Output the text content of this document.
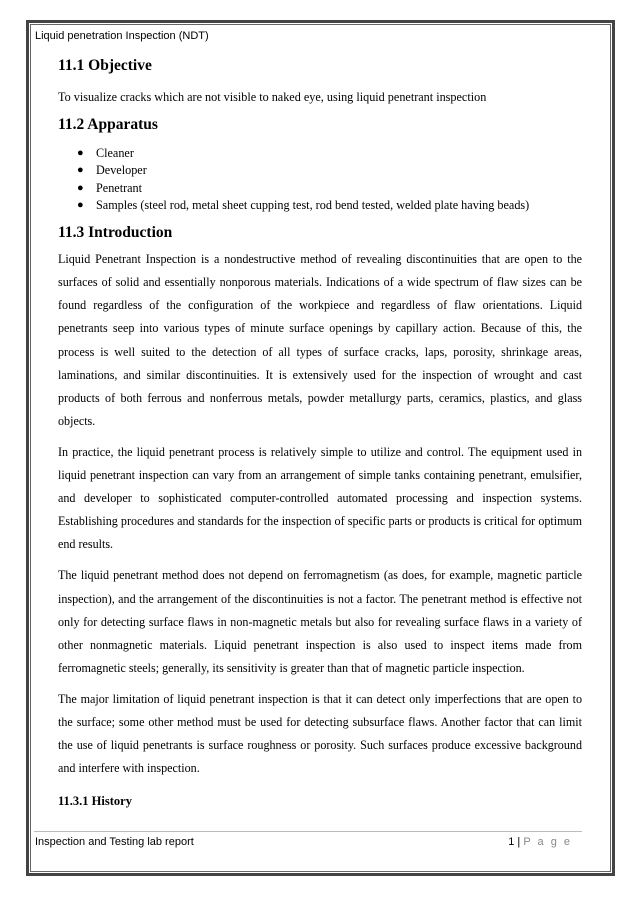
Liquid penetration Inspection (NDT)
11.1 Objective

To visualize cracks which are not visible to naked eye, using liquid penetrant inspection

11.2 Apparatus
● Cleaner
● Developer
● Penetrant
● Samples (steel rod, metal sheet cupping test, rod bend tested, welded plate having beads)
11.3 Introduction

Liquid Penetrant Inspection is a nondestructive method of revealing discontinuities that are open to the surfaces of solid and essentially nonporous materials. Indications of a wide spectrum of flaw sizes can be found regardless of the configuration of the workpiece and regardless of flaw orientations. Liquid penetrants seep into various types of minute surface openings by capillary action. Because of this, the process is well suited to the detection of all types of surface cracks, laps, porosity, shrinkage areas, laminations, and similar discontinuities. It is extensively used for the inspection of wrought and cast products of both ferrous and nonferrous metals, powder metallurgy parts, ceramics, plastics, and glass objects.

In practice, the liquid penetrant process is relatively simple to utilize and control. The equipment used in liquid penetrant inspection can vary from an arrangement of simple tanks containing penetrant, emulsifier, and developer to sophisticated computer-controlled automated processing and inspection systems. Establishing procedures and standards for the inspection of specific parts or products is critical for optimum end results.

The liquid penetrant method does not depend on ferromagnetism (as does, for example, magnetic particle inspection), and the arrangement of the discontinuities is not a factor. The penetrant method is effective not only for detecting surface flaws in non-magnetic metals but also for revealing surface flaws in a variety of other nonmagnetic materials. Liquid penetrant inspection is also used to inspect items made from ferromagnetic steels; generally, its sensitivity is greater than that of magnetic particle inspection.

The major limitation of liquid penetrant inspection is that it can detect only imperfections that are open to the surface; some other method must be used for detecting subsurface flaws. Another factor that can limit the use of liquid penetrants is surface roughness or porosity. Such surfaces produce excessive background and interfere with inspection.

11.3.1 History
Inspection and Testing lab report	1 | P a g e
